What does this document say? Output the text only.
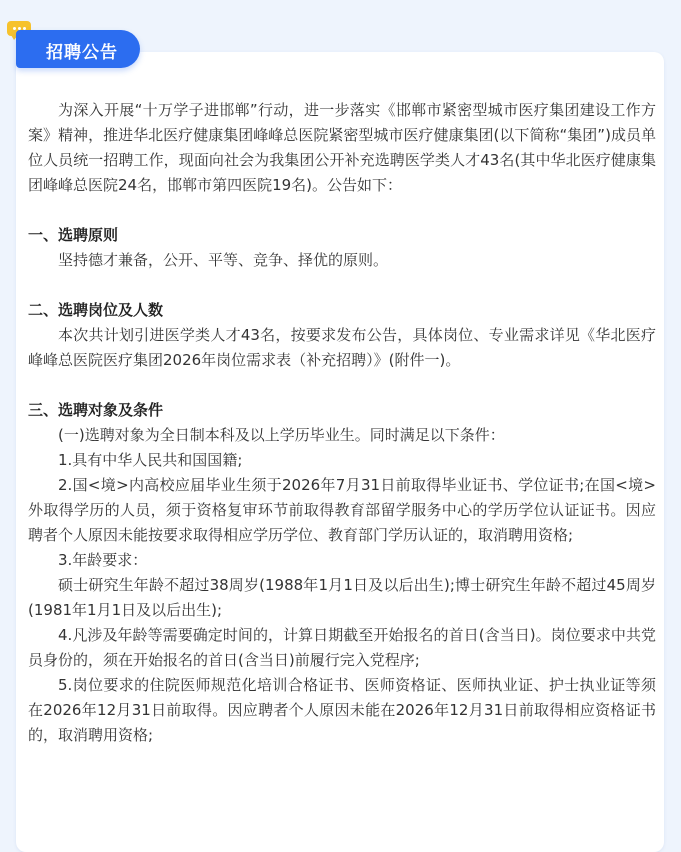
招聘公告

为深入开展“十万学子进邯郸”行动，进一步落实《邯郸市紧密型城市医疗集团建设工作方案》精神，推进华北医疗健康集团峰峰总医院紧密型城市医疗健康集团(以下简称“集团”)成员单位人员统一招聘工作，现面向社会为我集团公开补充选聘医学类人才43名(其中华北医疗健康集团峰峰总医院24名，邯郸市第四医院19名)。公告如下：

一、选聘原则

坚持德才兼备，公开、平等、竞争、择优的原则。

二、选聘岗位及人数

本次共计划引进医学类人才43名，按要求发布公告，具体岗位、专业需求详见《华北医疗峰峰总医院医疗集团2026年岗位需求表（补充招聘）》(附件一)。

三、选聘对象及条件

(一)选聘对象为全日制本科及以上学历毕业生。同时满足以下条件：

1.具有中华人民共和国国籍;

2.国<境>内高校应届毕业生须于2026年7月31日前取得毕业证书、学位证书;在国<境>外取得学历的人员，须于资格复审环节前取得教育部留学服务中心的学历学位认证证书。因应聘者个人原因未能按要求取得相应学历学位、教育部门学历认证的，取消聘用资格;

3.年龄要求：

硕士研究生年龄不超过38周岁(1988年1月1日及以后出生);博士研究生年龄不超过45周岁(1981年1月1日及以后出生);

4.凡涉及年龄等需要确定时间的，计算日期截至开始报名的首日(含当日)。岗位要求中共党员身份的，须在开始报名的首日(含当日)前履行完入党程序;

5.岗位要求的住院医师规范化培训合格证书、医师资格证、医师执业证、护士执业证等须在2026年12月31日前取得。因应聘者个人原因未能在2026年12月31日前取得相应资格证书的，取消聘用资格;
